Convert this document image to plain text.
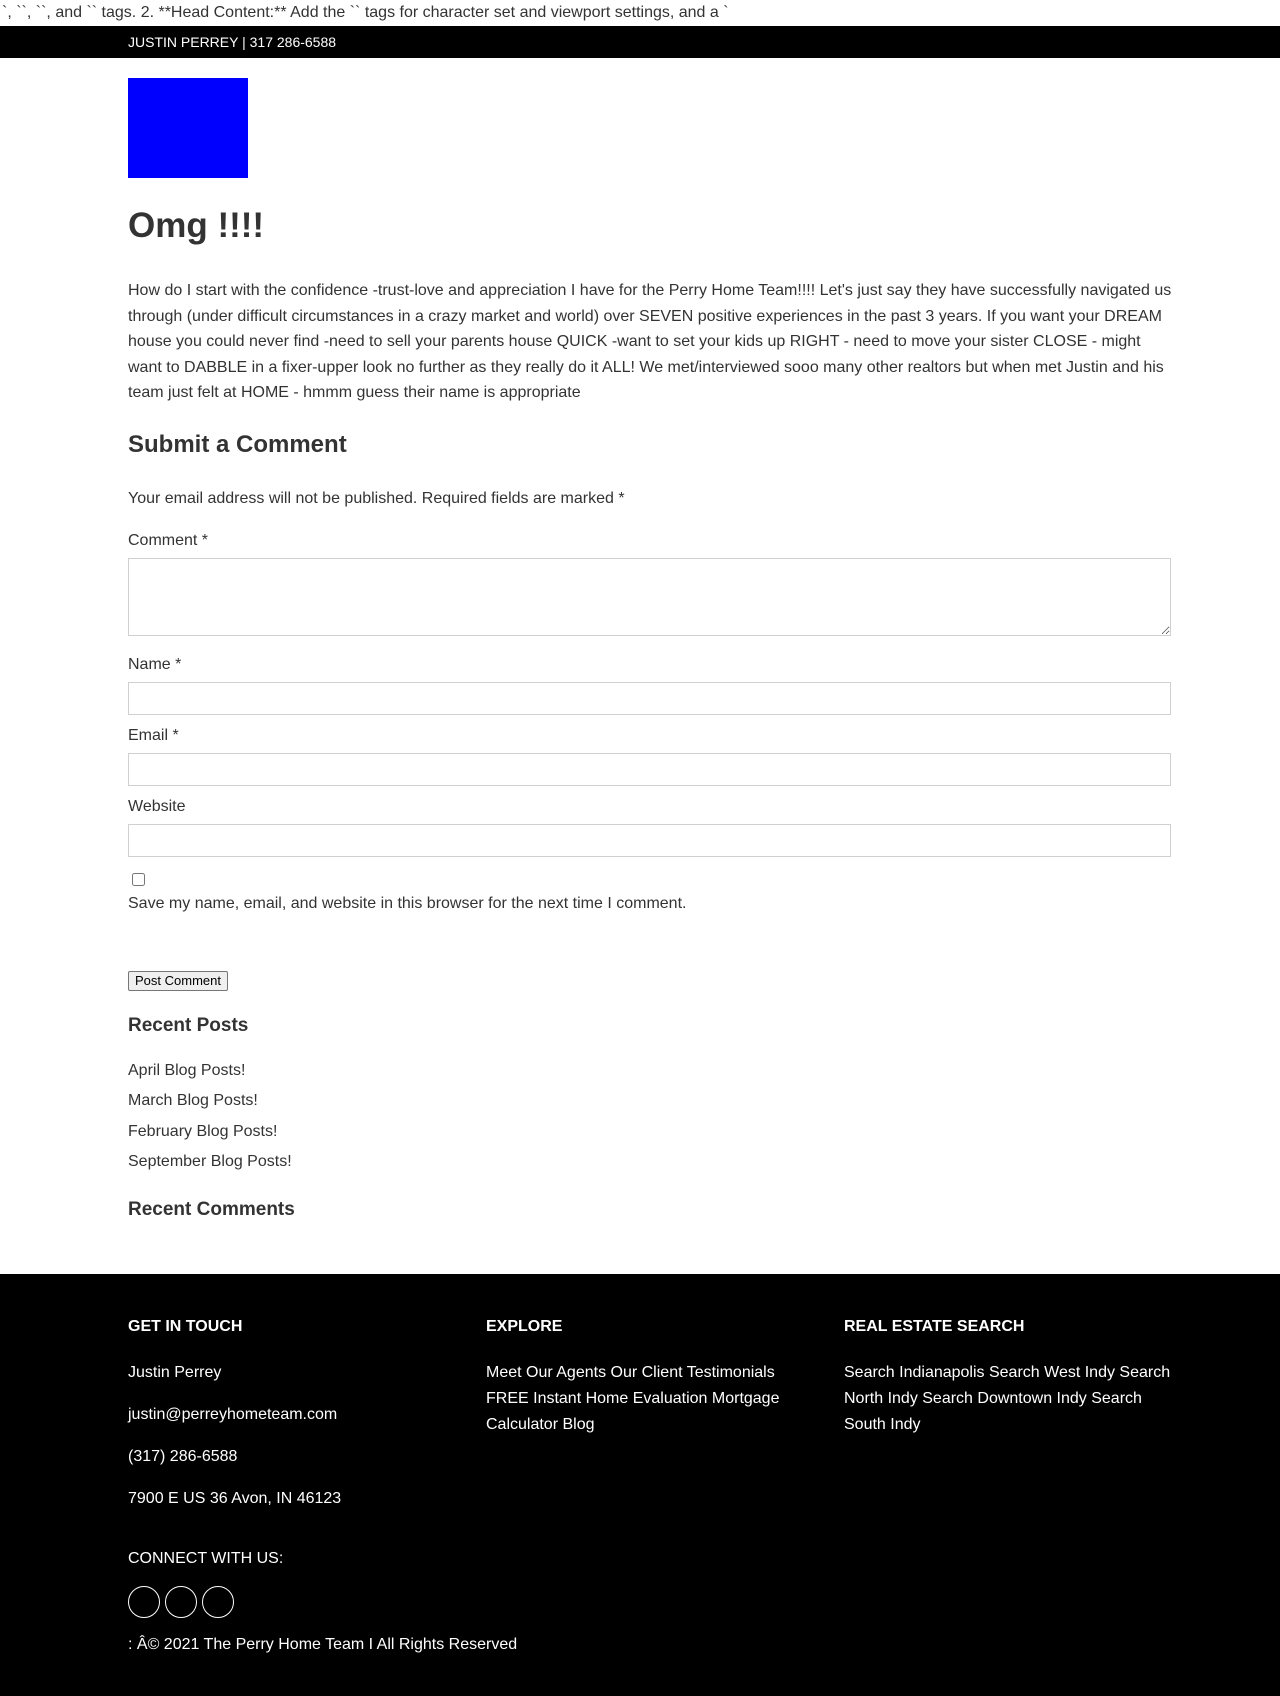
`, ``, ``, and `` tags. 2. **Head Content:** Add the `` tags for character set and viewport settings, and a `
JUSTIN PERREY | 317 286-6588
Omg !!!!

How do I start with the confidence -trust-love and appreciation I have for the Perry Home Team!!!! Let's just say they have successfully navigated us through (under difficult circumstances in a crazy market and world) over SEVEN positive experiences in the past 3 years. If you want your DREAM house you could never find -need to sell your parents house QUICK -want to set your kids up RIGHT - need to move your sister CLOSE - might want to DABBLE in a fixer-upper look no further as they really do it ALL! We met/interviewed sooo many other realtors but when met Justin and his team just felt at HOME - hmmm guess their name is appropriate

Submit a Comment

Your email address will not be published. Required fields are marked *

Comment *
Name *
Email *
Website
Save my name, email, and website in this browser for the next time I comment.
Post Comment
Recent Posts
April Blog Posts!
March Blog Posts!
February Blog Posts!
September Blog Posts!
Recent Comments
GET IN TOUCH
Justin Perrey
justin@perreyhometeam.com
(317) 286-6588
7900 E US 36 Avon, IN 46123
EXPLORE
Meet Our Agents Our Client Testimonials FREE Instant Home Evaluation Mortgage Calculator Blog
REAL ESTATE SEARCH
Search Indianapolis Search West Indy Search North Indy Search Downtown Indy Search South Indy
CONNECT WITH US:
: Â© 2021 The Perry Home Team I All Rights Reserved
